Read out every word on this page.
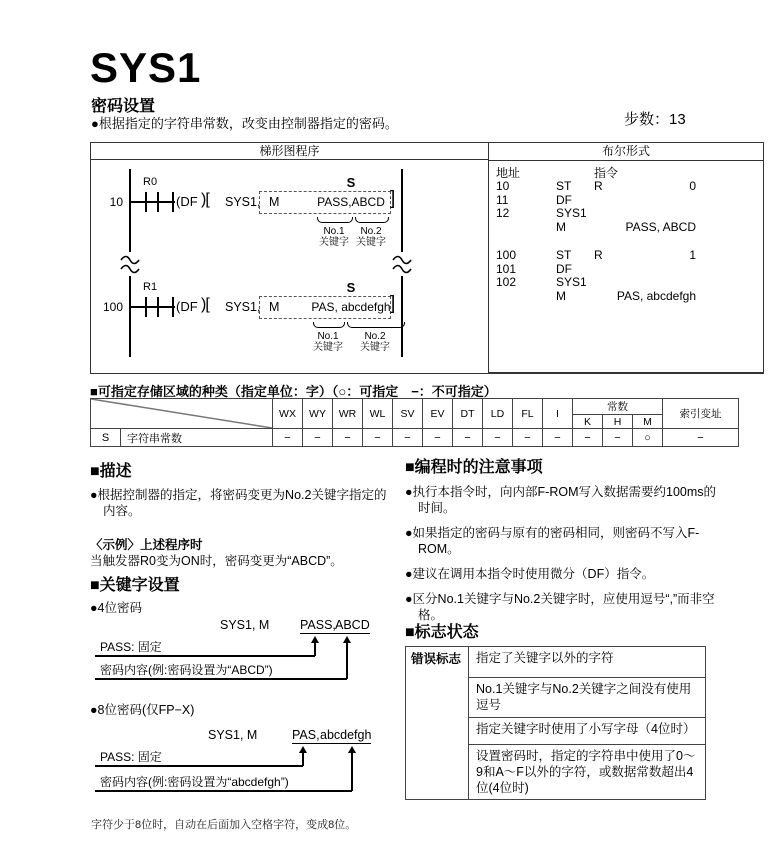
SYS1
密码设置
●根据指定的字符串常数，改变由控制器指定的密码。	步数：13
梯形图程序	布尔形式
10
R0
(DF )[ SYS1, M	PASS,ABCD
S
]
No.1
关键字
No.2
关键字
100
R1
(DF )[ SYS1, M	PAS, abcdefgh
S
]
No.1
关键字
No.2
关键字
地址	指令
10	ST	R	0
11	DF
12	SYS1
M	PASS, ABCD
100	ST	R	1
101	DF
102	SYS1
M	PAS, abcdefgh
■可指定存储区域的种类（指定单位：字）（○：可指定　−：不可指定）
	WX	WY	WR	WL	SV	EV	DT	LD	FL	I	常数			索引变址
												K	H	M	
S	字符串常数	−	−	−	−	−	−	−	−	−	−	−	−	○	−
■描述
●根据控制器的指定，将密码变更为No.2关键字指定的内容。
〈示例〉上述程序时
当触发器R0变为ON时，密码变更为“ABCD”。
■关键字设置
●4位密码
SYS1, M PASS, ABCD
PASS: 固定
密码内容(例:密码设置为“ABCD”)
●8位密码(仅FP−X)
SYS1, M	PAS, abcdefgh
PASS: 固定
密码内容(例:密码设置为“abcdefgh”)
字符少于8位时，自动在后面加入空格字符，变成8位。
■编程时的注意事项
●执行本指令时，向内部F-ROM写入数据需要约100ms的时间。
●如果指定的密码与原有的密码相同，则密码不写入F-ROM。
●建议在调用本指令时使用微分（DF）指令。
●区分No.1关键字与No.2关键字时，应使用逗号“,”而非空格。
■标志状态
错误标志	指定了关键字以外的字符
No.1关键字与No.2关键字之间没有使用逗号
指定关键字时使用了小写字母（4位时）
设置密码时，指定的字符串中使用了0～9和A～F以外的字符，或数据常数超出4位(4位时)
